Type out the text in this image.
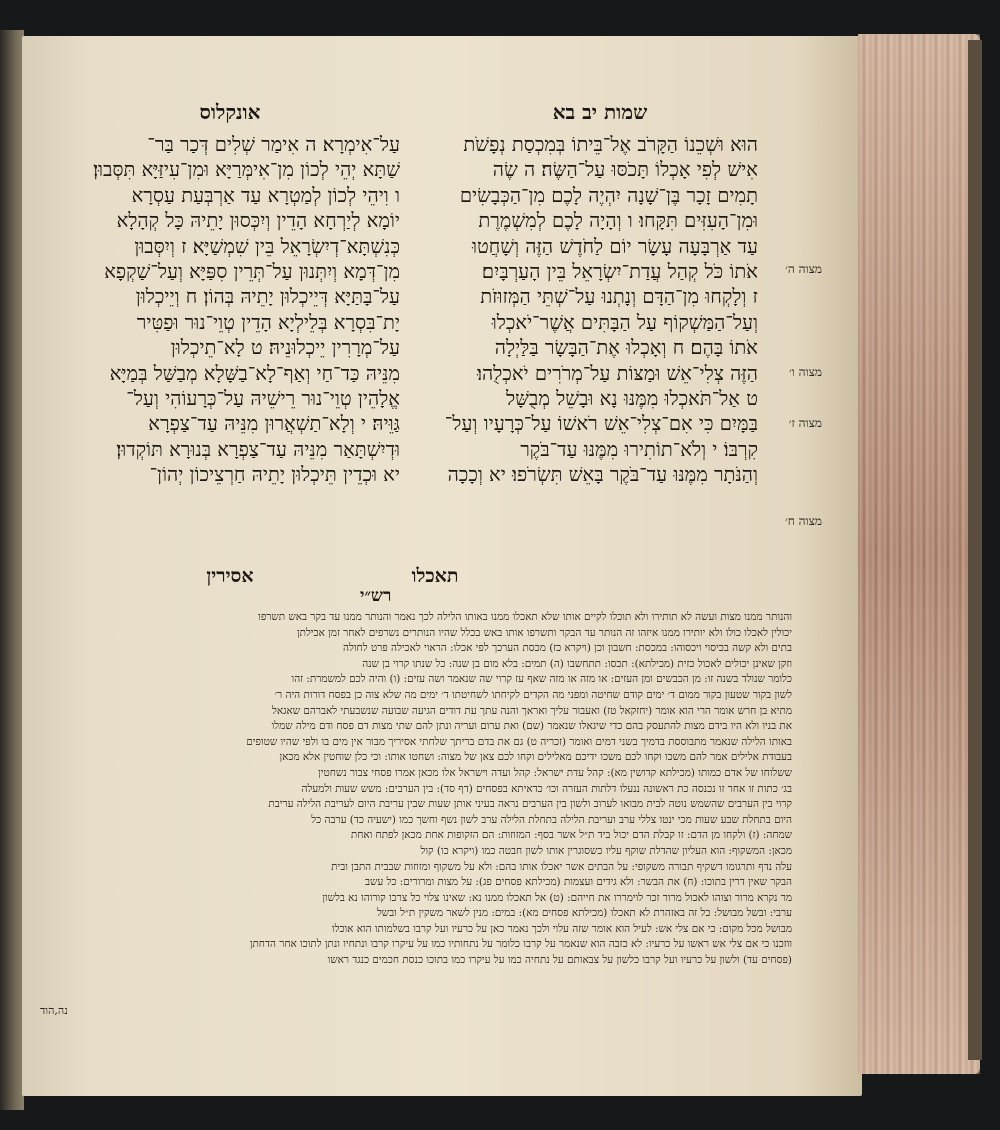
שמות יב בא
אונקלוס

הוּא וּשְׁכֵנוֹ הַקָּרֹב אֶל־בֵּיתוֹ בְּמִכְסַת נְפָשֹׁת

אִישׁ לְפִי אָכְלוֹ תָּכֹסּוּ עַל־הַשֶּׂה׃ ה שֶׂה

תָמִים זָכָר בֶּן־שָׁנָה יִהְיֶה לָכֶם מִן־הַכְּבָשִׂים

וּמִן־הָעִזִּים תִּקָּחוּ׃ ו וְהָיָה לָכֶם לְמִשְׁמֶרֶת

עַד אַרְבָּעָה עָשָׂר יוֹם לַחֹדֶשׁ הַזֶּה וְשָׁחֲטוּ

אֹתוֹ כֹּל קְהַל עֲדַת־יִשְׂרָאֵל בֵּין הָעַרְבָּיִם׃

ז וְלָקְחוּ מִן־הַדָּם וְנָתְנוּ עַל־שְׁתֵּי הַמְּזוּזֹת

וְעַל־הַמַּשְׁקוֹף עַל הַבָּתִּים אֲשֶׁר־יֹאכְלוּ

אֹתוֹ בָּהֶם׃ ח וְאָכְלוּ אֶת־הַבָּשָׂר בַּלַּיְלָה

הַזֶּה צְלִי־אֵשׁ וּמַצּוֹת עַל־מְרֹרִים יֹאכְלֻהוּ׃

ט אַל־תֹּאכְלוּ מִמֶּנּוּ נָא וּבָשֵׁל מְבֻשָּׁל

בַּמָּיִם כִּי אִם־צְלִי־אֵשׁ רֹאשׁוֹ עַל־כְּרָעָיו וְעַל־

קִרְבּוֹ׃ י וְלֹא־תוֹתִירוּ מִמֶּנּוּ עַד־בֹּקֶר

וְהַנֹּתָר מִמֶּנּוּ עַד־בֹּקֶר בָּאֵשׁ תִּשְׂרֹפוּ׃ יא וְכָכָה

עַל־אִימְרָא׃ ה אִימַר שְׁלִים דְּכַר בַּר־

שַׁתָּא יְהֵי לְכוֹן מִן־אִימְּרַיָּא וּמִן־עִיזַּיָּא תִּסְּבוּן׃

ו וִיהֵי לְכוֹן לְמַטְרָא עַד אַרְבְּעַת עַסְרָא

יוֹמָא לְיַרְחָא הָדֵין וְיִכְּסוּן יָתֵיהּ כָּל קְהָלָא

כְּנִשְׁתָּא־דְיִשְׂרָאֵל בֵּין שִׁמְשַׁיָּא׃ ז וְיִסְּבוּן

מִן־דְּמָא וְיִתְּנוּן עַל־תְּרֵין סִפַּיָּא וְעַל־שַׁקְפָא

עַל־בָּתַּיָּא דְּיֵיכְלוּן יָתֵיהּ בְּהוֹן׃ ח וְיֵיכְלוּן

יָת־בִּסְרָא בְּלֵילְיָא הָדֵין טְוֵי־נוּר וּפַטִּיר

עַל־מְרָרִין יֵיכְלוּנֵיהּ׃ ט לָא־תֵיכְלוּן

מִנֵּיהּ כַּד־חַי וְאַף־לָא־בַשָּׁלָא מְבַשַּׁל בְּמַיָּא

אֱלָהֵין טְוֵי־נוּר רֵישֵׁיהּ עַל־כְּרָעוֹהִי וְעַל־

גַּוֵּיהּ׃ י וְלָא־תַשְׁאֲרוּן מִנֵּיהּ עַד־צַפְרָא

וּדְיִשְׁתָּאַר מִנֵּיהּ עַד־צַפְרָא בְּנוּרָא תּוֹקְדוּן׃

יא וּכְדֵין תֵּיכְלוּן יָתֵיהּ חַרְצֵיכוֹן יְהוֹן־

תאכלו
אסירין
רש״י

והנותר ממנו מצות ועשה לא תותירו ולא תוכלו לקיים אותו שלא תאכלו ממנו באותו הלילה לכך נאמר והנותר ממנו עד בקר באש תשרפו

יכולין לאכלו כולו ולא יותירו ממנו איזהו זה הנותר עד הבקר ותשרפו אותו באש בכלל שהיו הנותרים נשרפים לאחר זמן אכילתן

בתים ולא קשה בכיסוי ויכסוהו: במכסת: חשבון וכן (ויקרא כז) מכסת הערכך לפי אכלו: הראוי לאכילה פרט לחולה

וזקן שאינן יכולים לאכול כזית (מכילתא): תכסו: תתחשבו (ה) תמים: בלא מום בן שנה: כל שנתו קרוי בן שנה

כלומר שנולד בשנה זו: מן הכבשים ומן העזים: או מזה או מזה שאף עז קרוי שה שנאמר ושה עזים: (ו) והיה לכם למשמרת: זהו

לשון בקור שטעון בקור ממום ד׳ ימים קודם שחיטה ומפני מה הקדים לקיחתו לשחיטתו ד׳ ימים מה שלא צוה כן בפסח דורות היה ר׳

מתיא בן חרש אומר הרי הוא אומר (יחזקאל טז) ואעבור עליך ואראך והנה עתך עת דודים הגיעה שבועה שנשבעתי לאברהם שאגאל

את בניו ולא היו בידם מצות להתעסק בהם כדי שיגאלו שנאמר (שם) ואת ערום ועריה ונתן להם שתי מצות דם פסח ודם מילה שמלו

באותו הלילה שנאמר מתבוססת בדמיך בשני דמים ואומר (זכריה ט) גם את בדם בריתך שלחתי אסיריך מבור אין מים בו ולפי שהיו שטופים

בעבודת אלילים אמר להם משכו וקחו לכם משכו ידיכם מאלילים וקחו לכם צאן של מצוה: ושחטו אותו: וכי כלן שוחטין אלא מכאן

ששלוחו של אדם כמותו (מכילתא קדושין מא): קהל עדת ישראל: קהל ועדה וישראל אלו מכאן אמרו פסחי צבור נשחטין

בג׳ כתות זו אחר זו נכנסה כת ראשונה ננעלו דלתות העזרה וכו׳ כדאיתא בפסחים (דף סד): בין הערבים: משש שעות ולמעלה

קרוי בין הערבים שהשמש נוטה לבית מבואו לערוב ולשון בין הערבים נראה בעיני אותן שעות שבין עריבת היום לעריבת הלילה עריבת

היום בתחלת שבע שעות מכי ינטו צללי ערב ועריבת הלילה בתחלת הלילה ערב לשון נשף וחשך כמו (ישעיה כד) ערבה כל

שמחה: (ז) ולקחו מן הדם: זו קבלת הדם יכול ביד ת״ל אשר בסף: המזוזות: הם הזקופות אחת מכאן לפתח ואחת

מכאן: המשקוף: הוא העליון שהדלת שוקף עליו כשסוגרין אותו לשון חבטה כמו (ויקרא כו) קול

עלה נדף ותרגומו דשקיף תבורה משקופי: על הבתים אשר יאכלו אותו בהם: ולא על משקוף ומזוזות שבבית התבן ובית

הבקר שאין דרין בתוכו: (ח) את הבשר: ולא גידים ועצמות (מכילתא פסחים פג): על מצות ומרורים: כל עשב

מר נקרא מרור וצוהו לאכול מרור זכר לוימררו את חייהם: (ט) אל תאכלו ממנו נא: שאינו צלוי כל צרכו קורוהו נא בלשון

ערבי: ובשל מבושל: כל זה באזהרת לא תאכלו (מכילתא פסחים מא): במים: מנין לשאר משקין ת״ל ובשל

מבושל מכל מקום: כי אם צלי אש: לעיל הוא אומר שזה עלוי ולכך נאמר כאן על כרעיו ועל קרבו בשלמותו הוא אוכלו

ווזכנו כי אם צלי אש ראשו על כרעיו: לא כזבה הוא שנאמר על קרבו כלומר על נתחותיו כמו על עיקרו קרבו ונתחיו ונתן לתוכו אחר הדחתן

(פסחים עד) ולשון על כרעיו ועל קרבו כלשון על צבאותם על נתחיה כמו על עיקרו כמו בתוכו כנסת חכמים כנגד ראשו

נה,הוד
מצוה ה׳
מצוה ו׳
מצוה ז׳
מצוה ח׳
